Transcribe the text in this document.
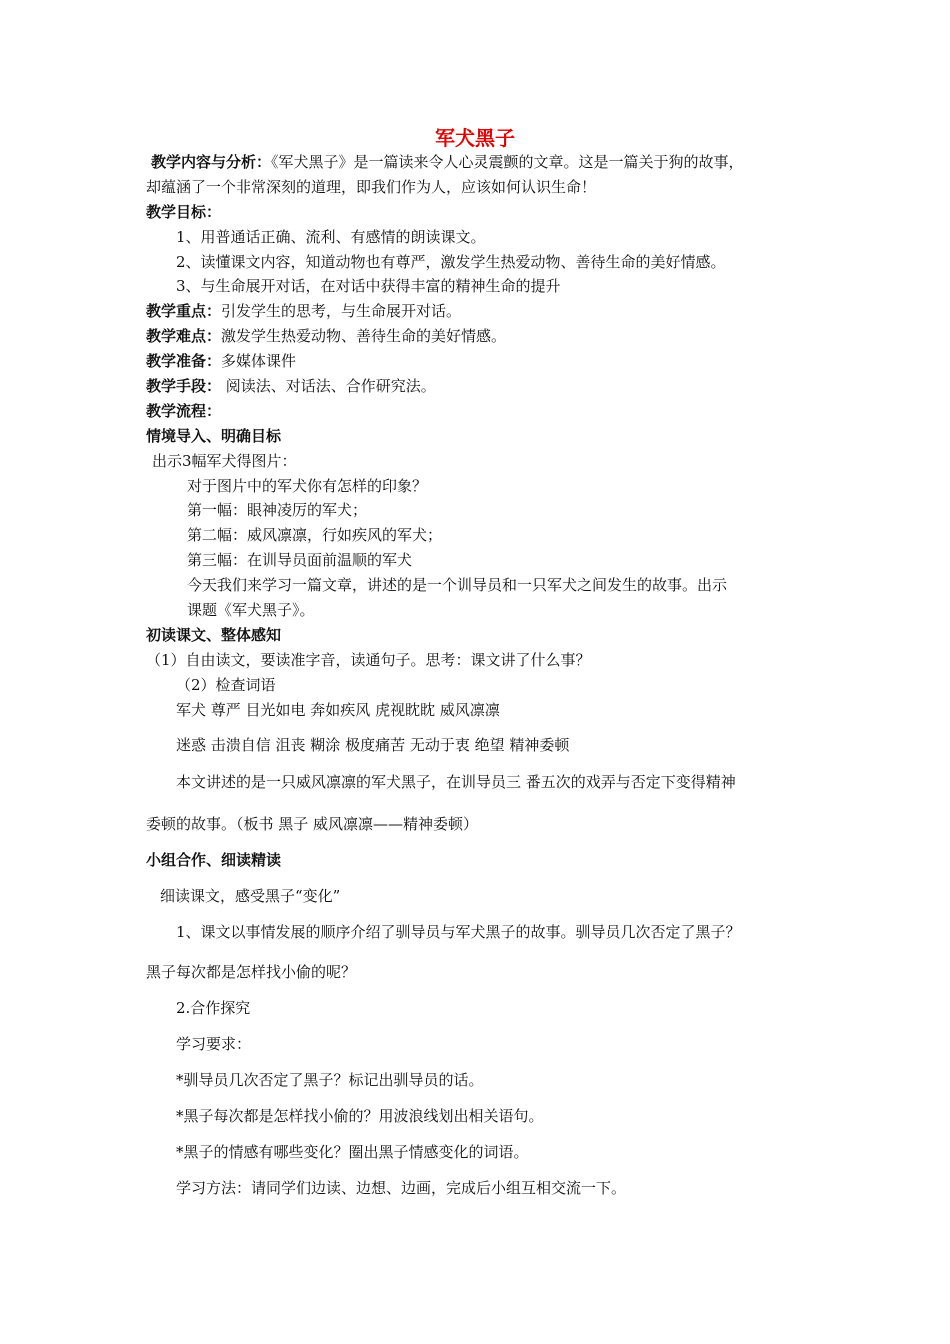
军犬黑子
教学内容与分析：《军犬黑子》是一篇读来令人心灵震颤的文章。这是一篇关于狗的故事，
却蕴涵了一个非常深刻的道理，即我们作为人，应该如何认识生命！
教学目标：
1、用普通话正确、流利、有感情的朗读课文。
2、读懂课文内容，知道动物也有尊严，激发学生热爱动物、善待生命的美好情感。
3、与生命展开对话，在对话中获得丰富的精神生命的提升
教学重点：引发学生的思考，与生命展开对话。
教学难点：激发学生热爱动物、善待生命的美好情感。
教学准备：多媒体课件
教学手段： 阅读法、对话法、合作研究法。
教学流程：
情境导入、明确目标
出示3幅军犬得图片：
对于图片中的军犬你有怎样的印象？
第一幅：眼神凌厉的军犬；
第二幅：威风凛凛，行如疾风的军犬；
第三幅：在训导员面前温顺的军犬
今天我们来学习一篇文章，讲述的是一个训导员和一只军犬之间发生的故事。出示
课题《军犬黑子》。
初读课文、整体感知
（1）自由读文，要读准字音，读通句子。思考：课文讲了什么事？
（2）检查词语
军犬 尊严 目光如电 奔如疾风 虎视眈眈 威风凛凛
迷惑 击溃自信 沮丧 糊涂 极度痛苦 无动于衷 绝望 精神委顿
本文讲述的是一只威风凛凛的军犬黑子，在训导员三 番五次的戏弄与否定下变得精神
委顿的故事。（板书 黑子 威风凛凛——精神委顿）
小组合作、细读精读
细读课文，感受黑子“变化”
1、课文以事情发展的顺序介绍了驯导员与军犬黑子的故事。驯导员几次否定了黑子？
黑子每次都是怎样找小偷的呢？
2.合作探究
学习要求：
*驯导员几次否定了黑子？标记出驯导员的话。
*黑子每次都是怎样找小偷的？用波浪线划出相关语句。
*黑子的情感有哪些变化？圈出黑子情感变化的词语。
学习方法：请同学们边读、边想、边画，完成后小组互相交流一下。
